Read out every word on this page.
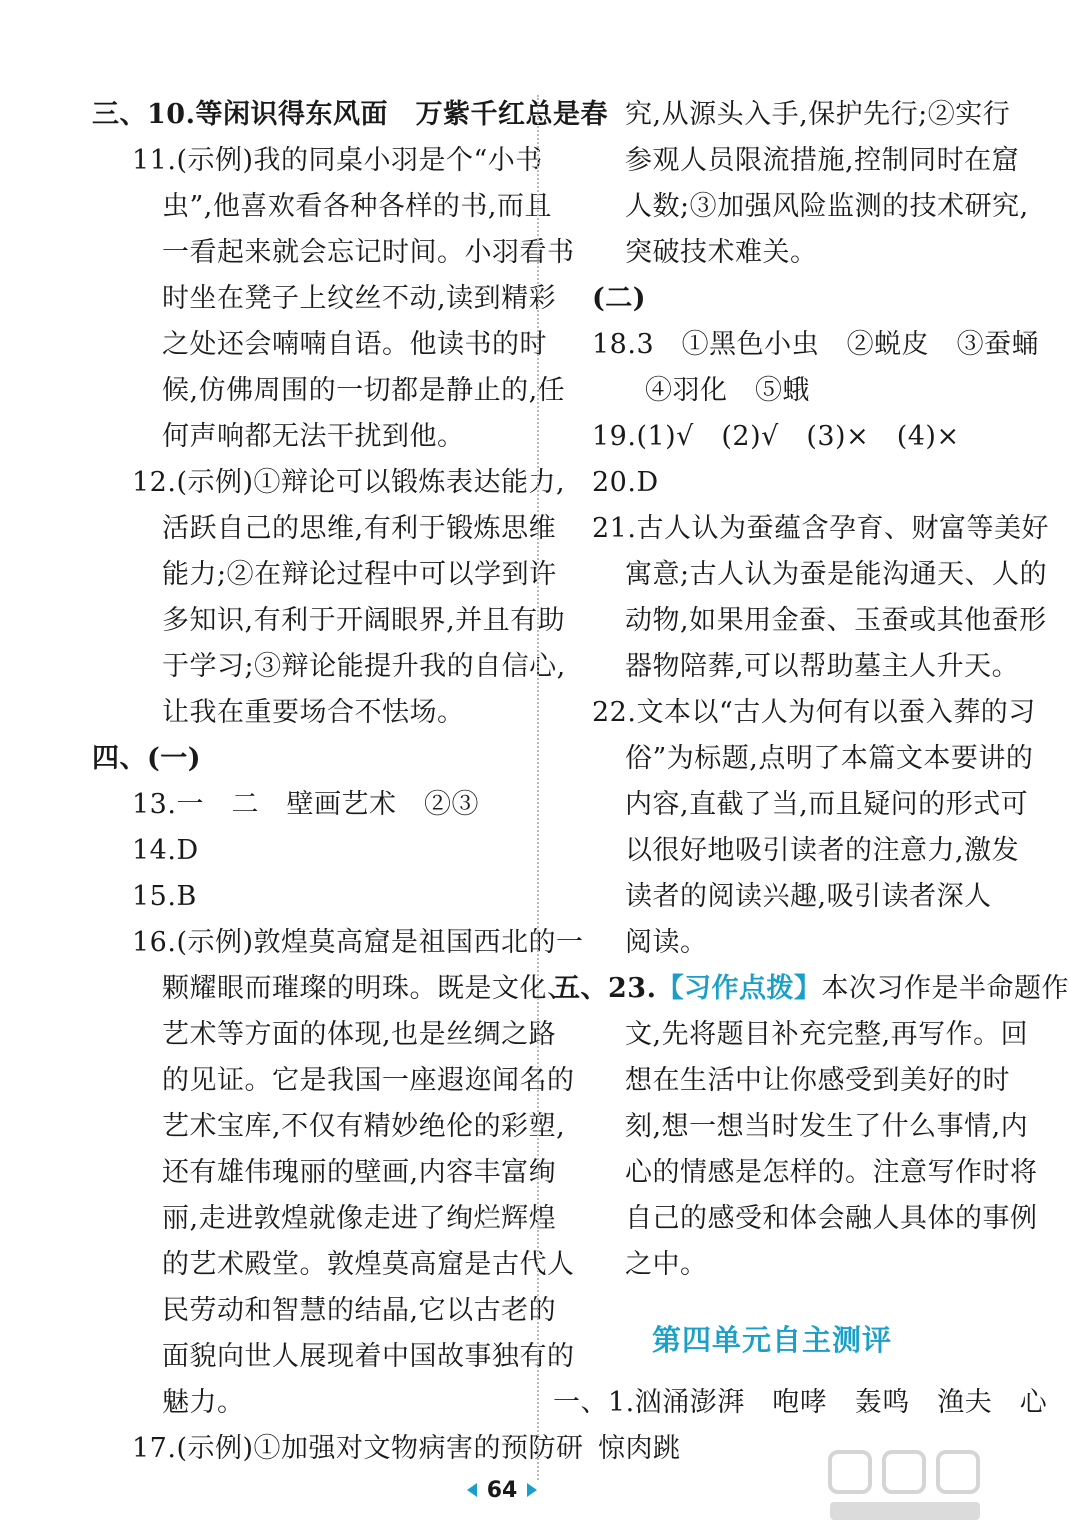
三、10.等闲识得东风面　万紫千红总是春
11.(示例)我的同桌小羽是个“小书
虫”,他喜欢看各种各样的书,而且
一看起来就会忘记时间。小羽看书
时坐在凳子上纹丝不动,读到精彩
之处还会喃喃自语。他读书的时
候,仿佛周围的一切都是静止的,任
何声响都无法干扰到他。
12.(示例)①辩论可以锻炼表达能力,
活跃自己的思维,有利于锻炼思维
能力;②在辩论过程中可以学到许
多知识,有利于开阔眼界,并且有助
于学习;③辩论能提升我的自信心,
让我在重要场合不怯场。
四、(一)
13.一　二　壁画艺术　②③
14.D
15.B
16.(示例)敦煌莫高窟是祖国西北的一
颗耀眼而璀璨的明珠。既是文化、
艺术等方面的体现,也是丝绸之路
的见证。它是我国一座遐迩闻名的
艺术宝库,不仅有精妙绝伦的彩塑,
还有雄伟瑰丽的壁画,内容丰富绚
丽,走进敦煌就像走进了绚烂辉煌
的艺术殿堂。敦煌莫高窟是古代人
民劳动和智慧的结晶,它以古老的
面貌向世人展现着中国故事独有的
魅力。
17.(示例)①加强对文物病害的预防研
究,从源头入手,保护先行;②实行
参观人员限流措施,控制同时在窟
人数;③加强风险监测的技术研究,
突破技术难关。
(二)
18.3　①黑色小虫　②蜕皮　③蚕蛹
④羽化　⑤蛾
19.(1)√　(2)√　(3)×　(4)×
20.D
21.古人认为蚕蕴含孕育、财富等美好
寓意;古人认为蚕是能沟通天、人的
动物,如果用金蚕、玉蚕或其他蚕形
器物陪葬,可以帮助墓主人升天。
22.文本以“古人为何有以蚕入葬的习
俗”为标题,点明了本篇文本要讲的
内容,直截了当,而且疑问的形式可
以很好地吸引读者的注意力,激发
读者的阅读兴趣,吸引读者深人
阅读。
五、23.【习作点拨】本次习作是半命题作
文,先将题目补充完整,再写作。回
想在生活中让你感受到美好的时
刻,想一想当时发生了什么事情,内
心的情感是怎样的。注意写作时将
自己的感受和体会融人具体的事例
之中。
一、1.汹涌澎湃　咆哮　轰鸣　渔夫　心
惊肉跳
第四单元自主测评
64
